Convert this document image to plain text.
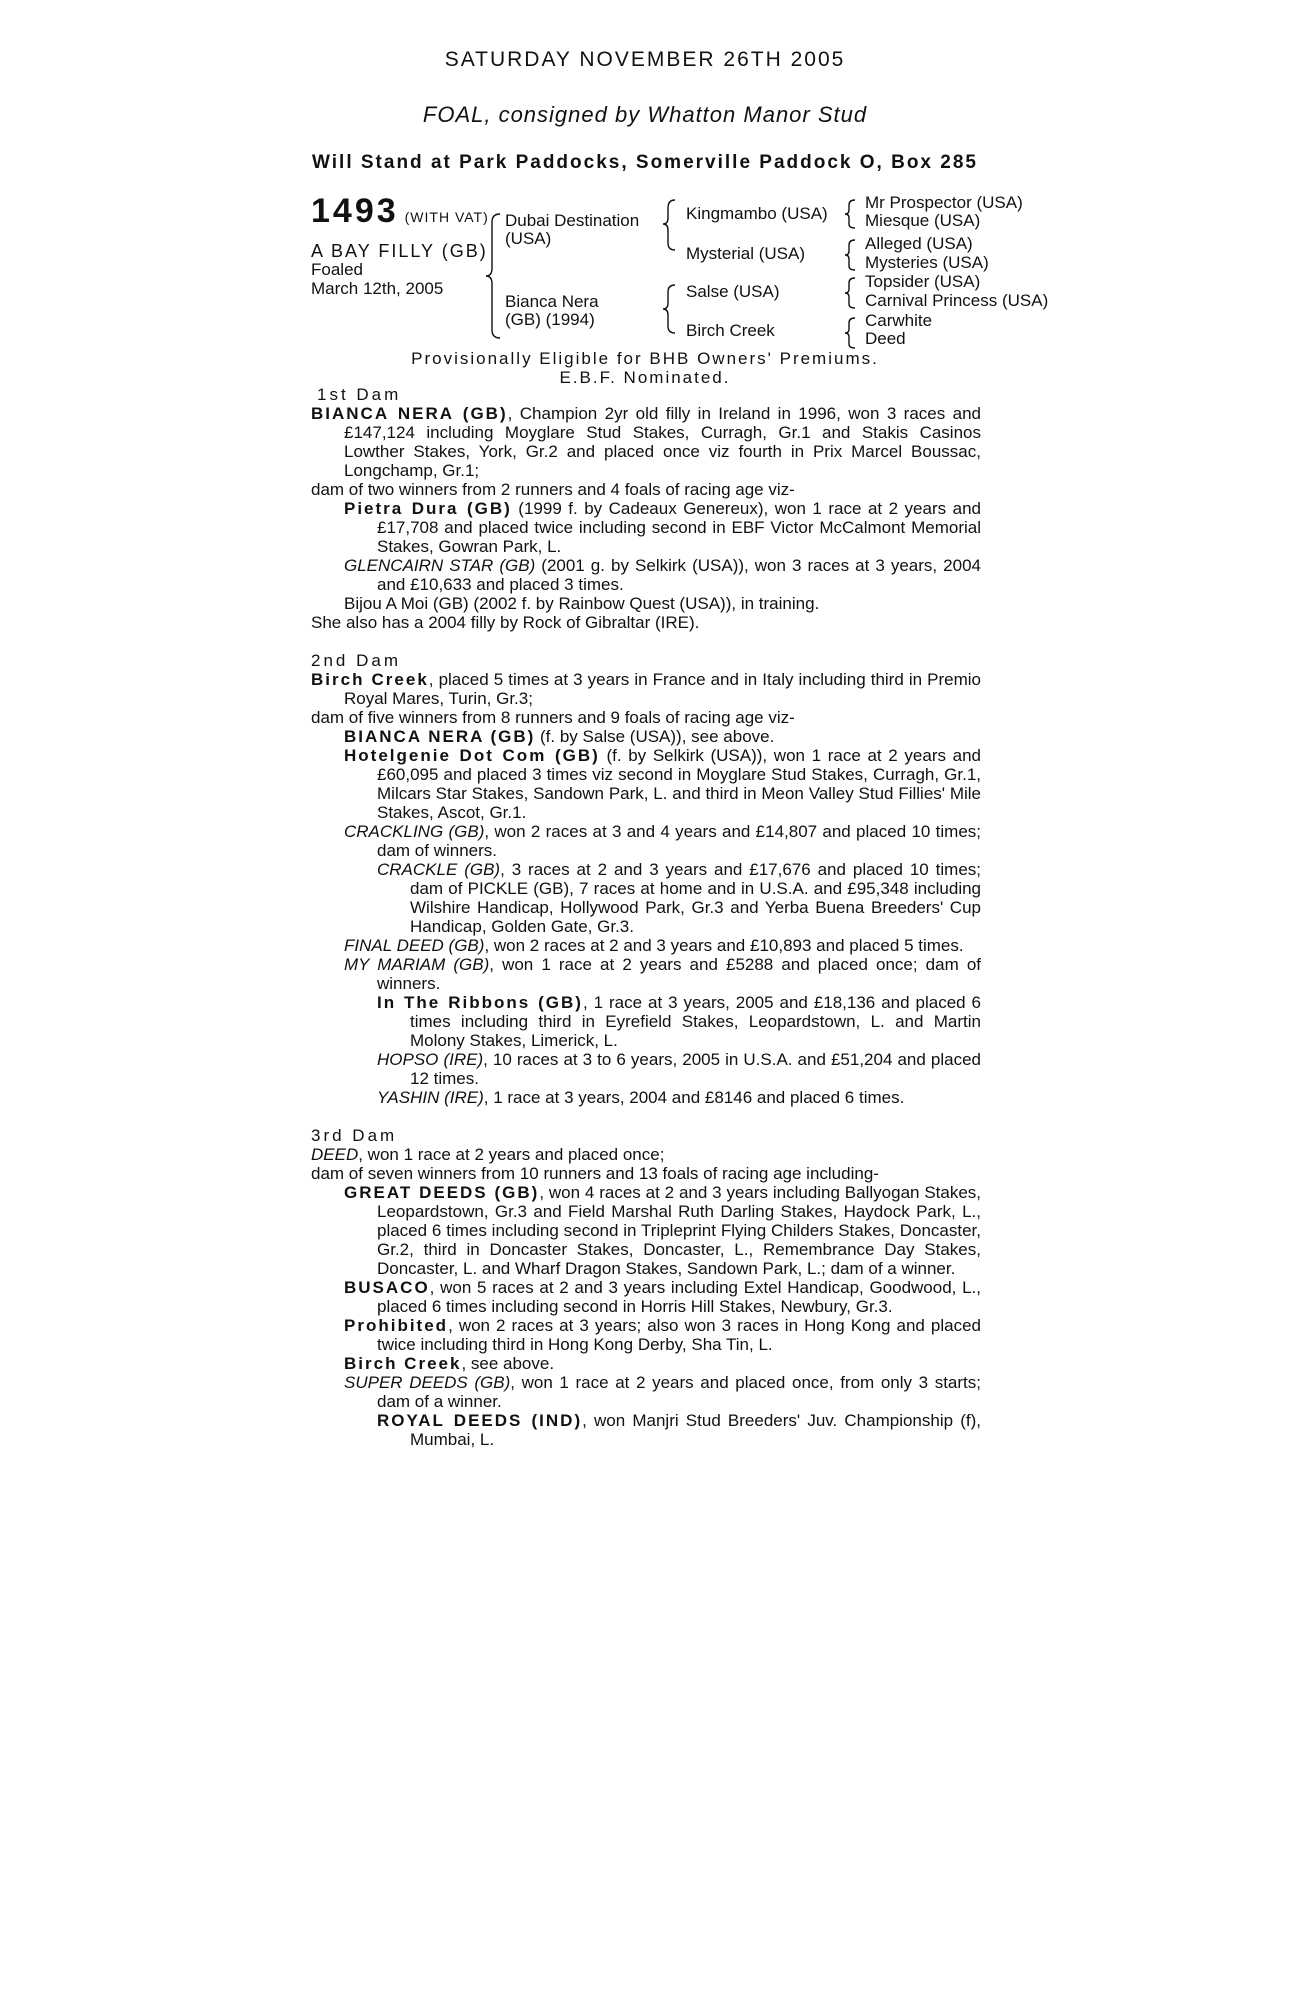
SATURDAY NOVEMBER 26TH 2005
FOAL, consigned by Whatton Manor Stud
Will Stand at Park Paddocks, Somerville Paddock O, Box 285
1493 (WITH VAT)
A BAY FILLY (GB)
Foaled
March 12th, 2005
Dubai Destination (USA)
Bianca Nera (GB) (1994)
Kingmambo (USA)
Mysterial (USA)
Salse (USA)
Birch Creek
Mr Prospector (USA)
Miesque (USA)
Alleged (USA)
Mysteries (USA)
Topsider (USA)
Carnival Princess (USA)
Carwhite
Deed
Provisionally Eligible for BHB Owners' Premiums.
E.B.F. Nominated.

1st Dam

BIANCA NERA (GB), Champion 2yr old filly in Ireland in 1996, won 3 races and £147,124 including Moyglare Stud Stakes, Curragh, Gr.1 and Stakis Casinos Lowther Stakes, York, Gr.2 and placed once viz fourth in Prix Marcel Boussac, Longchamp, Gr.1;

dam of two winners from 2 runners and 4 foals of racing age viz-

Pietra Dura (GB) (1999 f. by Cadeaux Genereux), won 1 race at 2 years and £17,708 and placed twice including second in EBF Victor McCalmont Memorial Stakes, Gowran Park, L.

GLENCAIRN STAR (GB) (2001 g. by Selkirk (USA)), won 3 races at 3 years, 2004 and £10,633 and placed 3 times.

Bijou A Moi (GB) (2002 f. by Rainbow Quest (USA)), in training.

She also has a 2004 filly by Rock of Gibraltar (IRE).

2nd Dam

Birch Creek, placed 5 times at 3 years in France and in Italy including third in Premio Royal Mares, Turin, Gr.3;

dam of five winners from 8 runners and 9 foals of racing age viz-

BIANCA NERA (GB) (f. by Salse (USA)), see above.

Hotelgenie Dot Com (GB) (f. by Selkirk (USA)), won 1 race at 2 years and £60,095 and placed 3 times viz second in Moyglare Stud Stakes, Curragh, Gr.1, Milcars Star Stakes, Sandown Park, L. and third in Meon Valley Stud Fillies' Mile Stakes, Ascot, Gr.1.

CRACKLING (GB), won 2 races at 3 and 4 years and £14,807 and placed 10 times; dam of winners.

CRACKLE (GB), 3 races at 2 and 3 years and £17,676 and placed 10 times; dam of PICKLE (GB), 7 races at home and in U.S.A. and £95,348 including Wilshire Handicap, Hollywood Park, Gr.3 and Yerba Buena Breeders' Cup Handicap, Golden Gate, Gr.3.

FINAL DEED (GB), won 2 races at 2 and 3 years and £10,893 and placed 5 times.

MY MARIAM (GB), won 1 race at 2 years and £5288 and placed once; dam of winners.

In The Ribbons (GB), 1 race at 3 years, 2005 and £18,136 and placed 6 times including third in Eyrefield Stakes, Leopardstown, L. and Martin Molony Stakes, Limerick, L.

HOPSO (IRE), 10 races at 3 to 6 years, 2005 in U.S.A. and £51,204 and placed 12 times.

YASHIN (IRE), 1 race at 3 years, 2004 and £8146 and placed 6 times.

3rd Dam

DEED, won 1 race at 2 years and placed once;

dam of seven winners from 10 runners and 13 foals of racing age including-

GREAT DEEDS (GB), won 4 races at 2 and 3 years including Ballyogan Stakes, Leopardstown, Gr.3 and Field Marshal Ruth Darling Stakes, Haydock Park, L., placed 6 times including second in Tripleprint Flying Childers Stakes, Doncaster, Gr.2, third in Doncaster Stakes, Doncaster, L., Remembrance Day Stakes, Doncaster, L. and Wharf Dragon Stakes, Sandown Park, L.; dam of a winner.

BUSACO, won 5 races at 2 and 3 years including Extel Handicap, Goodwood, L., placed 6 times including second in Horris Hill Stakes, Newbury, Gr.3.

Prohibited, won 2 races at 3 years; also won 3 races in Hong Kong and placed twice including third in Hong Kong Derby, Sha Tin, L.

Birch Creek, see above.

SUPER DEEDS (GB), won 1 race at 2 years and placed once, from only 3 starts; dam of a winner.

ROYAL DEEDS (IND), won Manjri Stud Breeders' Juv. Championship (f), Mumbai, L.
